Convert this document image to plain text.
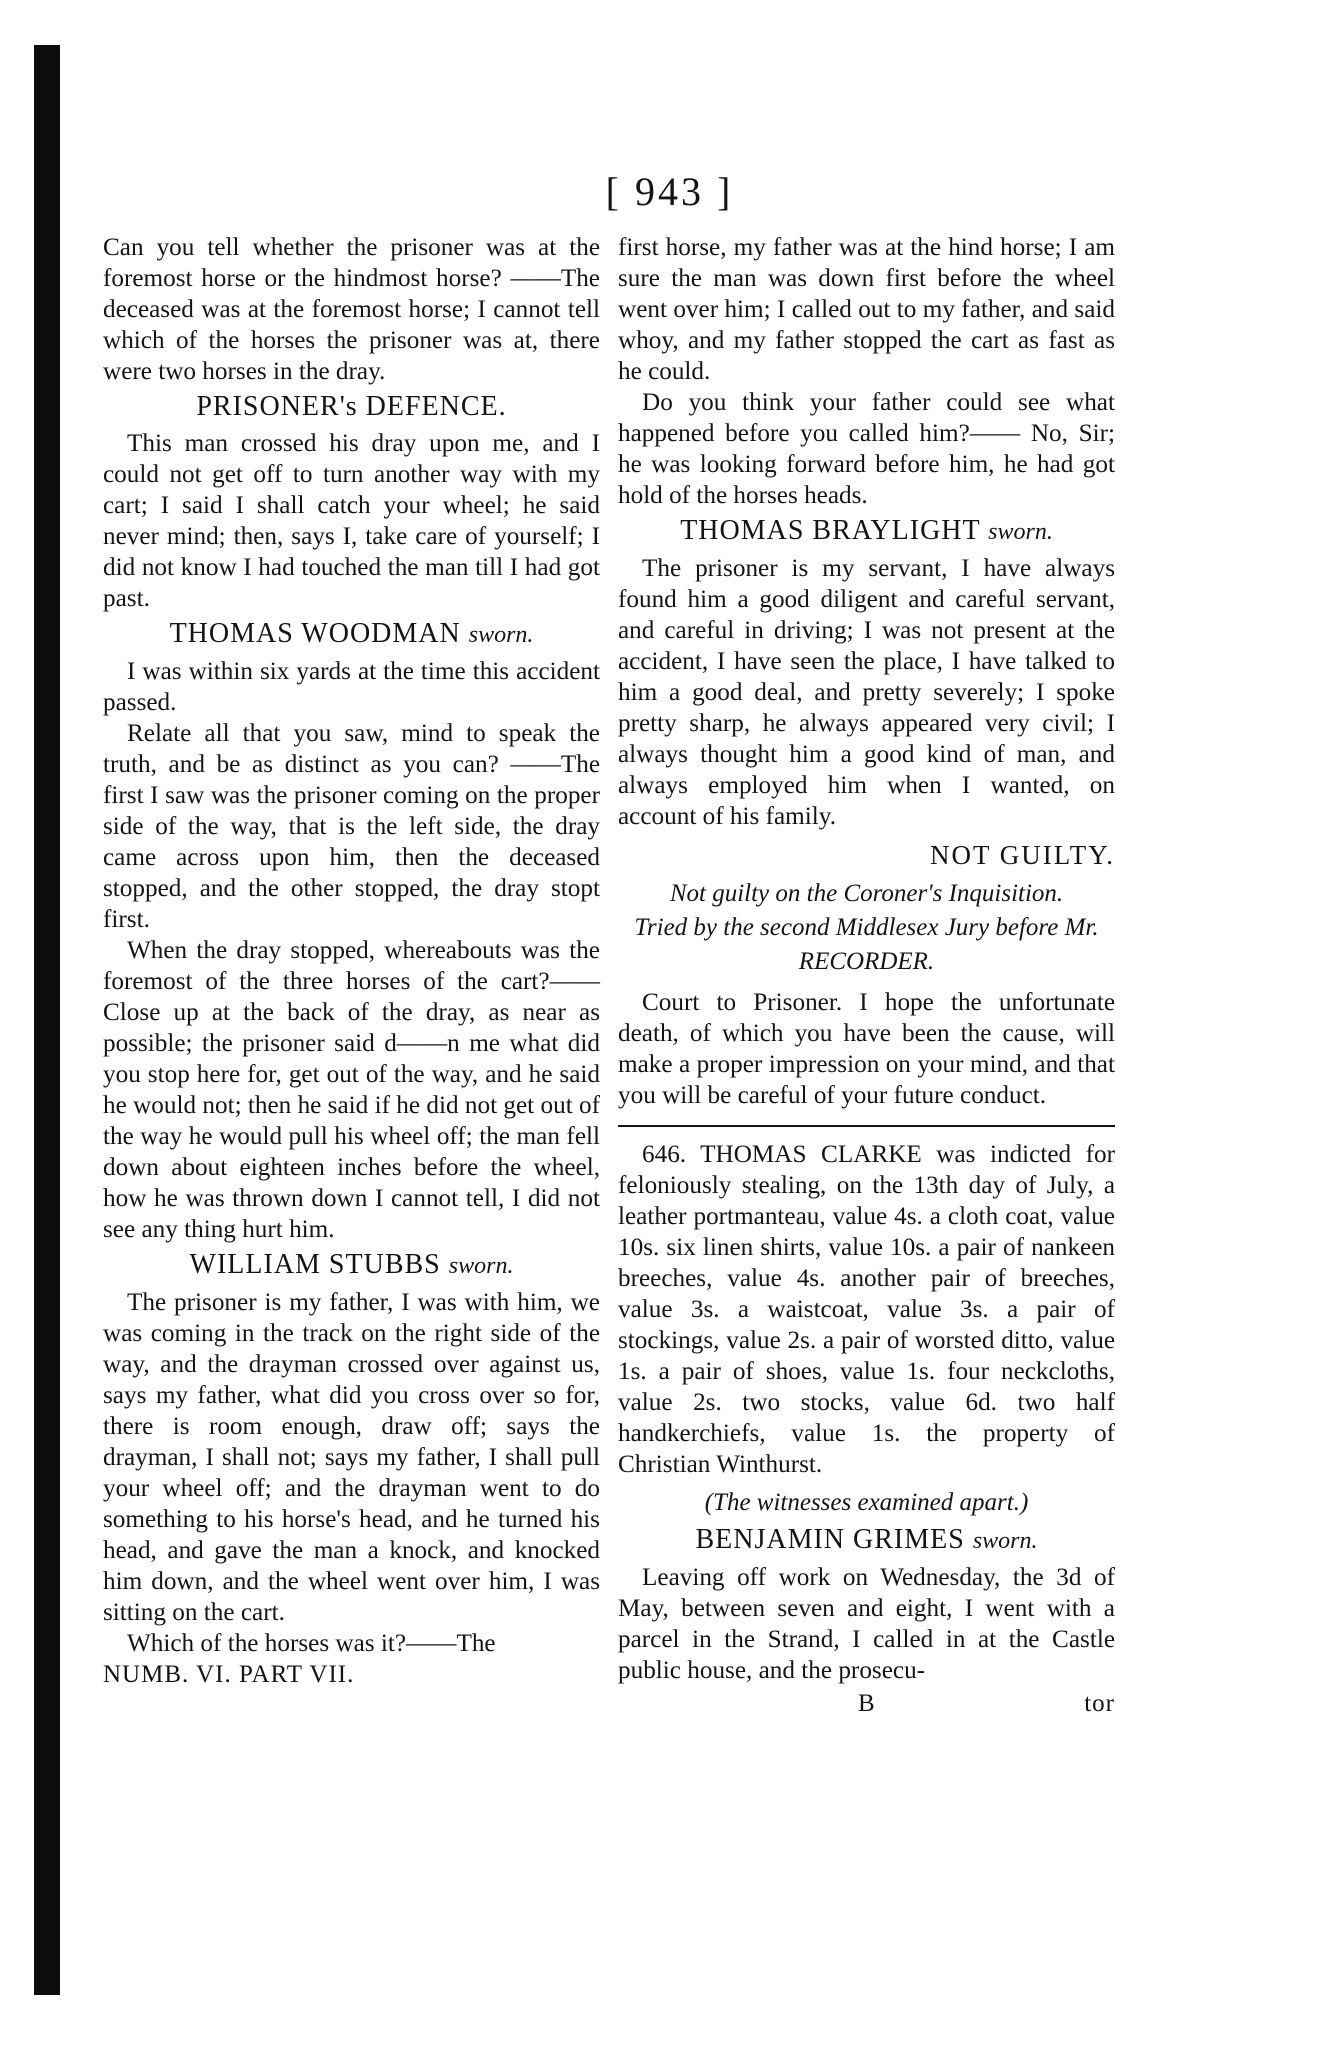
[ 943 ]

Can you tell whether the prisoner was at the foremost horse or the hindmost horse? ——The deceased was at the foremost horse; I cannot tell which of the horses the prisoner was at, there were two horses in the dray.

PRISONER's DEFENCE.

This man crossed his dray upon me, and I could not get off to turn another way with my cart; I said I shall catch your wheel; he said never mind; then, says I, take care of yourself; I did not know I had touched the man till I had got past.

THOMAS WOODMAN sworn.

I was within six yards at the time this accident passed.

Relate all that you saw, mind to speak the truth, and be as distinct as you can? ——The first I saw was the prisoner coming on the proper side of the way, that is the left side, the dray came across upon him, then the deceased stopped, and the other stopped, the dray stopt first.

When the dray stopped, whereabouts was the foremost of the three horses of the cart?——Close up at the back of the dray, as near as possible; the prisoner said d——n me what did you stop here for, get out of the way, and he said he would not; then he said if he did not get out of the way he would pull his wheel off; the man fell down about eighteen inches before the wheel, how he was thrown down I cannot tell, I did not see any thing hurt him.

WILLIAM STUBBS sworn.

The prisoner is my father, I was with him, we was coming in the track on the right side of the way, and the drayman crossed over against us, says my father, what did you cross over so for, there is room enough, draw off; says the drayman, I shall not; says my father, I shall pull your wheel off; and the drayman went to do something to his horse's head, and he turned his head, and gave the man a knock, and knocked him down, and the wheel went over him, I was sitting on the cart.

Which of the horses was it?——The

NUMB. VI. PART VII.

first horse, my father was at the hind horse; I am sure the man was down first before the wheel went over him; I called out to my father, and said whoy, and my father stopped the cart as fast as he could.

Do you think your father could see what happened before you called him?—— No, Sir; he was looking forward before him, he had got hold of the horses heads.

THOMAS BRAYLIGHT sworn.

The prisoner is my servant, I have always found him a good diligent and careful servant, and careful in driving; I was not present at the accident, I have seen the place, I have talked to him a good deal, and pretty severely; I spoke pretty sharp, he always appeared very civil; I always thought him a good kind of man, and always employed him when I wanted, on account of his family.

NOT GUILTY.
Not guilty on the Coroner's Inquisition.
Tried by the second Middlesex Jury before Mr. RECORDER.

Court to Prisoner. I hope the unfortunate death, of which you have been the cause, will make a proper impression on your mind, and that you will be careful of your future conduct.

646. THOMAS CLARKE was indicted for feloniously stealing, on the 13th day of July, a leather portmanteau, value 4s. a cloth coat, value 10s. six linen shirts, value 10s. a pair of nankeen breeches, value 4s. another pair of breeches, value 3s. a waistcoat, value 3s. a pair of stockings, value 2s. a pair of worsted ditto, value 1s. a pair of shoes, value 1s. four neckcloths, value 2s. two stocks, value 6d. two half handkerchiefs, value 1s. the property of Christian Winthurst.

(The witnesses examined apart.)
BENJAMIN GRIMES sworn.

Leaving off work on Wednesday, the 3d of May, between seven and eight, I went with a parcel in the Strand, I called in at the Castle public house, and the prosecu-

B	tor
